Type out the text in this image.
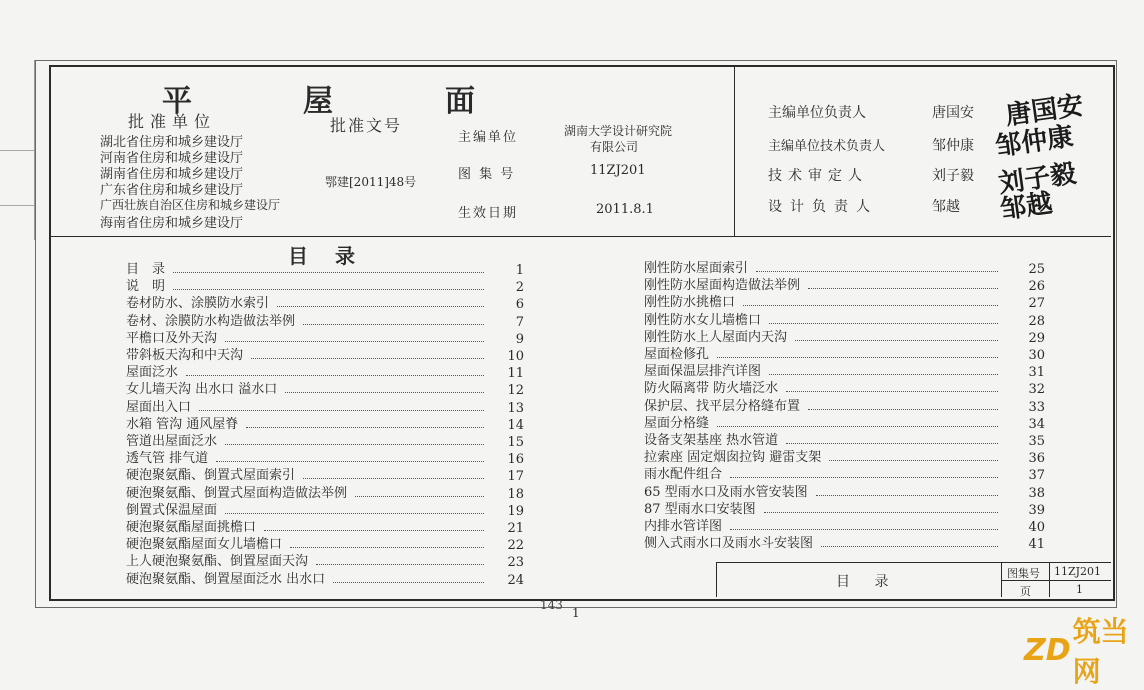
平	屋	面
批准单位
湖北省住房和城乡建设厅
河南省住房和城乡建设厅
湖南省住房和城乡建设厅
广东省住房和城乡建设厅
广西壮族自治区住房和城乡建设厅
海南省住房和城乡建设厅
批准文号
鄂建[2011]48号
主编单位	湖南大学设计研究院
有限公司
图 集 号	11ZJ201
生效日期	2011.8.1
主编单位负责人	唐国安 唐国安
主编单位技术负责人	邹仲康 邹仲康
技术审定人	刘子毅 刘子毅
设计负责人	邹越 邹越
目 录
目　录	1
说　明	2
卷材防水、涂膜防水索引	6
卷材、涂膜防水构造做法举例	7
平檐口及外天沟	9
带斜板天沟和中天沟	10
屋面泛水	11
女儿墙天沟 出水口 溢水口	12
屋面出入口	13
水箱 管沟 通风屋脊	14
管道出屋面泛水	15
透气管 排气道	16
硬泡聚氨酯、倒置式屋面索引	17
硬泡聚氨酯、倒置式屋面构造做法举例	18
倒置式保温屋面	19
硬泡聚氨酯屋面挑檐口	21
硬泡聚氨酯屋面女儿墙檐口	22
上人硬泡聚氨酯、倒置屋面天沟	23
硬泡聚氨酯、倒置屋面泛水 出水口	24
刚性防水屋面索引	25
刚性防水屋面构造做法举例	26
刚性防水挑檐口	27
刚性防水女儿墙檐口	28
刚性防水上人屋面内天沟	29
屋面检修孔	30
屋面保温层排汽详图	31
防火隔离带 防火墙泛水	32
保护层、找平层分格缝布置	33
屋面分格缝	34
设备支架基座 热水管道	35
拉索座 固定烟囱拉钩 避雷支架	36
雨水配件组合	37
65 型雨水口及雨水管安装图	38
87 型雨水口安装图	39
内排水管详图	40
侧入式雨水口及雨水斗安装图	41
目 录
图集号 11ZJ201
页	1
143
1
ZD
筑当网
